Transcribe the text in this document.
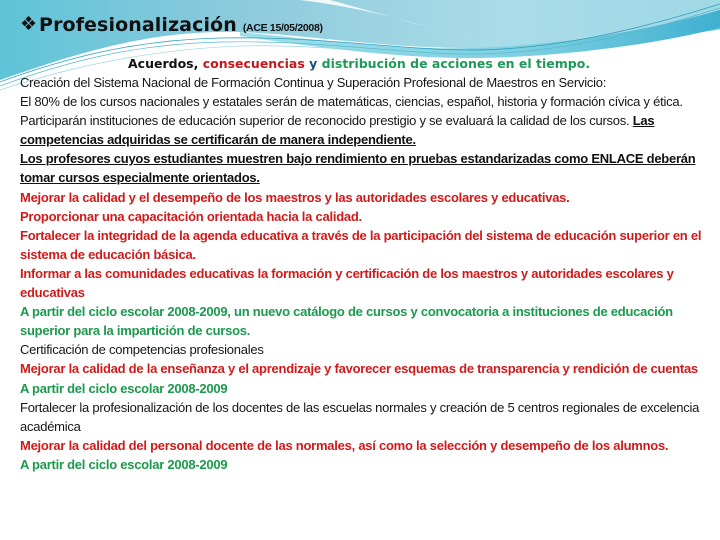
❖ Profesionalización (ACE 15/05/2008)
Acuerdos, consecuencias y distribución de acciones en el tiempo.
Creación del Sistema Nacional de Formación Continua y Superación Profesional de Maestros en Servicio:
El 80% de los cursos nacionales y estatales serán de matemáticas, ciencias, español, historia y formación cívica y ética.
Participarán instituciones de educación superior de reconocido prestigio y se evaluará la calidad de los cursos. Las competencias adquiridas se certificarán de manera independiente.
Los profesores cuyos estudiantes muestren bajo rendimiento en pruebas estandarizadas como ENLACE deberán tomar cursos especialmente orientados.
Mejorar la calidad y el desempeño de los maestros y las autoridades escolares y educativas.
Proporcionar una capacitación orientada hacia la calidad.
Fortalecer la integridad de la agenda educativa a través de la participación del sistema de educación superior en el sistema de educación básica.
Informar a las comunidades educativas la formación y certificación de los maestros y autoridades escolares y educativas
A partir del ciclo escolar 2008-2009, un nuevo catálogo de cursos y convocatoria a instituciones de educación superior para la impartición de cursos.
Certificación de competencias profesionales
Mejorar la calidad de la enseñanza y el aprendizaje y favorecer esquemas de transparencia y rendición de cuentas
A partir del ciclo escolar 2008-2009
Fortalecer la profesionalización de los docentes de las escuelas normales y creación de 5 centros regionales de excelencia académica
Mejorar la calidad del personal docente de las normales, así como la selección y desempeño de los alumnos.
A partir del ciclo escolar 2008-2009
